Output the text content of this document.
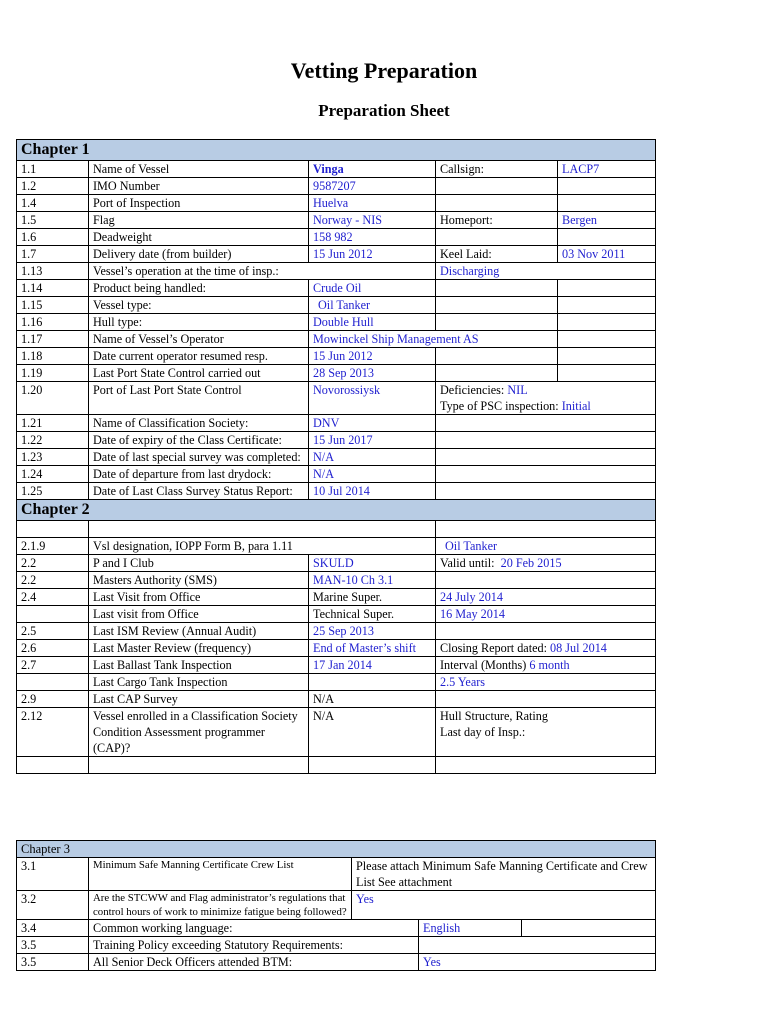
Vetting Preparation
Preparation Sheet
Chapter 1				
1.1	Name of Vessel	Vinga	Callsign:	LACP7
1.2	IMO Number	9587207		
1.4	Port of Inspection	Huelva		
1.5	Flag	Norway - NIS	Homeport:	Bergen
1.6	Deadweight	158 982		
1.7	Delivery date (from builder)	15 Jun 2012	Keel Laid:	03 Nov 2011
1.13	Vessel’s operation at the time of insp.:		Discharging	
1.14	Product being handled:	Crude Oil		
1.15	Vessel type:	Oil Tanker		
1.16	Hull type:	Double Hull		
1.17	Name of Vessel’s Operator	Mowinckel Ship Management AS		
1.18	Date current operator resumed resp.	15 Jun 2012		
1.19	Last Port State Control carried out	28 Sep 2013		
1.20	Port of Last Port State Control	Novorossiysk	Deficiencies: NIL
Type of PSC inspection: Initial	
1.21	Name of Classification Society:	DNV		
1.22	Date of expiry of the Class Certificate:	15 Jun 2017		
1.23	Date of last special survey was completed:	N/A		
1.24	Date of departure from last drydock:	N/A		
1.25	Date of Last Class Survey Status Report:	10 Jul 2014		
Chapter 2				

2.1.9	Vsl designation, IOPP Form B, para 1.11		Oil Tanker	
2.2	P and I Club	SKULD	Valid until: 20 Feb 2015	
2.2	Masters Authority (SMS)	MAN-10 Ch 3.1		
2.4	Last Visit from Office	Marine Super.	24 July 2014	
	Last visit from Office	Technical Super.	16 May 2014	
2.5	Last ISM Review (Annual Audit)	25 Sep 2013		
2.6	Last Master Review (frequency)	End of Master’s shift	Closing Report dated: 08 Jul 2014	
2.7	Last Ballast Tank Inspection	17 Jan 2014	Interval (Months) 6 month	
	Last Cargo Tank Inspection		2.5 Years	
2.9	Last CAP Survey	N/A		
2.12	Vessel enrolled in a Classification Society Condition Assessment programmer (CAP)?	N/A	Hull Structure, Rating
Last day of Insp.:	

Chapter 3				
3.1	Minimum Safe Manning Certificate Crew List	Please attach Minimum Safe Manning Certificate and Crew List See attachment		
3.2	Are the STCWW and Flag administrator’s regulations that control hours of work to minimize fatigue being followed?	Yes		
3.4	Common working language:		English	
3.5	Training Policy exceeding Statutory Requirements:			
3.5	All Senior Deck Officers attended BTM:		Yes	
